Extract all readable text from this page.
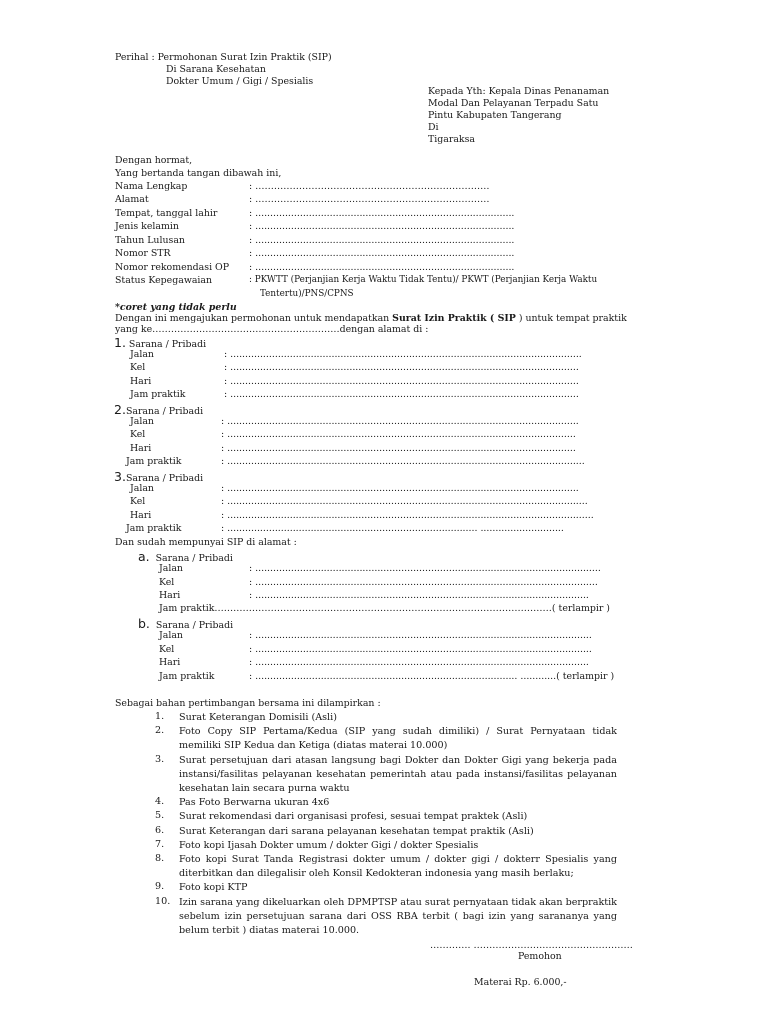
Perihal : Permohonan Surat Izin Praktik (SIP)
Di Sarana Kesehatan
Dokter Umum / Gigi / Spesialis
Kepada Yth: Kepala Dinas Penanaman
Modal Dan Pelayanan Terpadu Satu
Pintu Kabupaten Tangerang
Di
Tigaraksa
Dengan hormat,
Yang bertanda tangan dibawah ini,
Nama Lengkap	: …………………………………………………………………
Alamat	: …………………………………………………………………
Tempat, tanggal lahir	: .......................................................................................
Jenis kelamin	: .......................................................................................
Tahun Lulusan	: .......................................................................................
Nomor STR	: .......................................................................................
Nomor rekomendasi OP : .......................................................................................
Status Kepegawaian	: PKWTT (Perjanjian Kerja Waktu Tidak Tentu)/ PKWT (Perjanjian Kerja Waktu
Tentertu)/PNS/CPNS
*coret yang tidak perlu
Dengan ini mengajukan permohonan untuk mendapatkan Surat Izin Praktik ( SIP ) untuk tempat praktik
yang ke……………………………………………………dengan alamat di :
1. Sarana / Pribadi
Jalan	: ......................................................................................................................
Kel	: .....................................................................................................................
Hari	: .....................................................................................................................
Jam praktik	: .....................................................................................................................
2.Sarana / Pribadi
Jalan	: ......................................................................................................................
Kel	: .....................................................................................................................
Hari	: .....................................................................................................................
Jam praktik	: ........................................................................................................................
3.Sarana / Pribadi
Jalan	: ......................................................................................................................
Kel	: .........................................................................................................................
Hari	: ...........................................................................................................................
Jam praktik	: .................................................................................... ............................
Dan sudah mempunyai SIP di alamat :
a. Sarana / Pribadi
Jalan	: ....................................................................................................................
Kel	: ...................................................................................................................
Hari	: ................................................................................................................
Jam praktik………………………………………………………………………………………………( terlampir )
b. Sarana / Pribadi
Jalan	: .................................................................................................................
Kel	: .................................................................................................................
Hari	: ................................................................................................................
Jam praktik	: ........................................................................................ ............( terlampir )
Sebagai bahan pertimbangan bersama ini dilampirkan :
1. Surat Keterangan Domisili (Asli)
2. Foto Copy SIP Pertama/Kedua (SIP yang sudah dimiliki) / Surat Pernyataan tidak memiliki SIP Kedua dan Ketiga (diatas materai 10.000)
3. Surat persetujuan dari atasan langsung bagi Dokter dan Dokter Gigi yang bekerja pada instansi/fasilitas pelayanan kesehatan pemerintah atau pada instansi/fasilitas pelayanan kesehatan lain secara purna waktu
4. Pas Foto Berwarna ukuran 4x6
5. Surat rekomendasi dari organisasi profesi, sesuai tempat praktek (Asli)
6. Surat Keterangan dari sarana pelayanan kesehatan tempat praktik (Asli)
7. Foto kopi Ijasah Dokter umum / dokter Gigi / dokter Spesialis
8. Foto kopi Surat Tanda Registrasi dokter umum / dokter gigi / dokterr Spesialis yang diterbitkan dan dilegalisir oleh Konsil Kedokteran indonesia yang masih berlaku;
9. Foto kopi KTP
10. Izin sarana yang dikeluarkan oleh DPMPTSP atau surat pernyataan tidak akan berpraktik sebelum izin persetujuan sarana dari OSS RBA terbit ( bagi izin yang sarananya yang belum terbit ) diatas materai 10.000.
…………. ……………………………………………
Pemohon
Materai Rp. 6.000,-
